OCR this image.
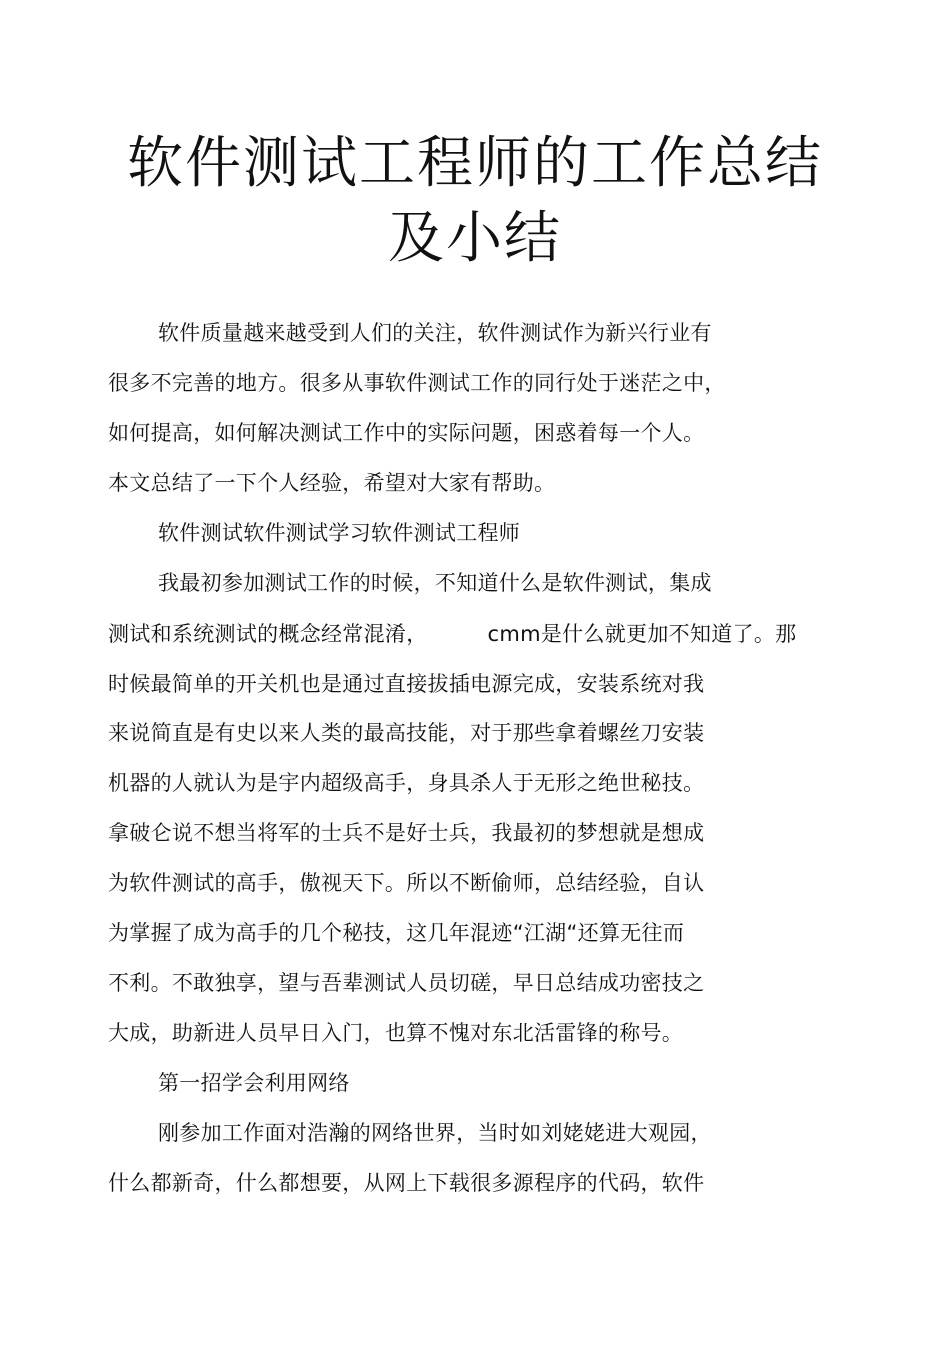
软件测试工程师的工作总结
及小结
软件质量越来越受到人们的关注，软件测试作为新兴行业有
很多不完善的地方。很多从事软件测试工作的同行处于迷茫之中，
如何提高，如何解决测试工作中的实际问题，困惑着每一个人。
本文总结了一下个人经验，希望对大家有帮助。
软件测试软件测试学习软件测试工程师
我最初参加测试工作的时候，不知道什么是软件测试，集成
测试和系统测试的概念经常混淆，	cmm是什么就更加不知道了。那
时候最简单的开关机也是通过直接拔插电源完成，安装系统对我
来说简直是有史以来人类的最高技能，对于那些拿着螺丝刀安装
机器的人就认为是宇内超级高手，身具杀人于无形之绝世秘技。
拿破仑说不想当将军的士兵不是好士兵，我最初的梦想就是想成
为软件测试的高手，傲视天下。所以不断偷师，总结经验，自认
为掌握了成为高手的几个秘技，这几年混迹“江湖“还算无往而
不利。不敢独享，望与吾辈测试人员切磋，早日总结成功密技之
大成，助新进人员早日入门，也算不愧对东北活雷锋的称号。
第一招学会利用网络
刚参加工作面对浩瀚的网络世界，当时如刘姥姥进大观园，
什么都新奇，什么都想要，从网上下载很多源程序的代码，软件
